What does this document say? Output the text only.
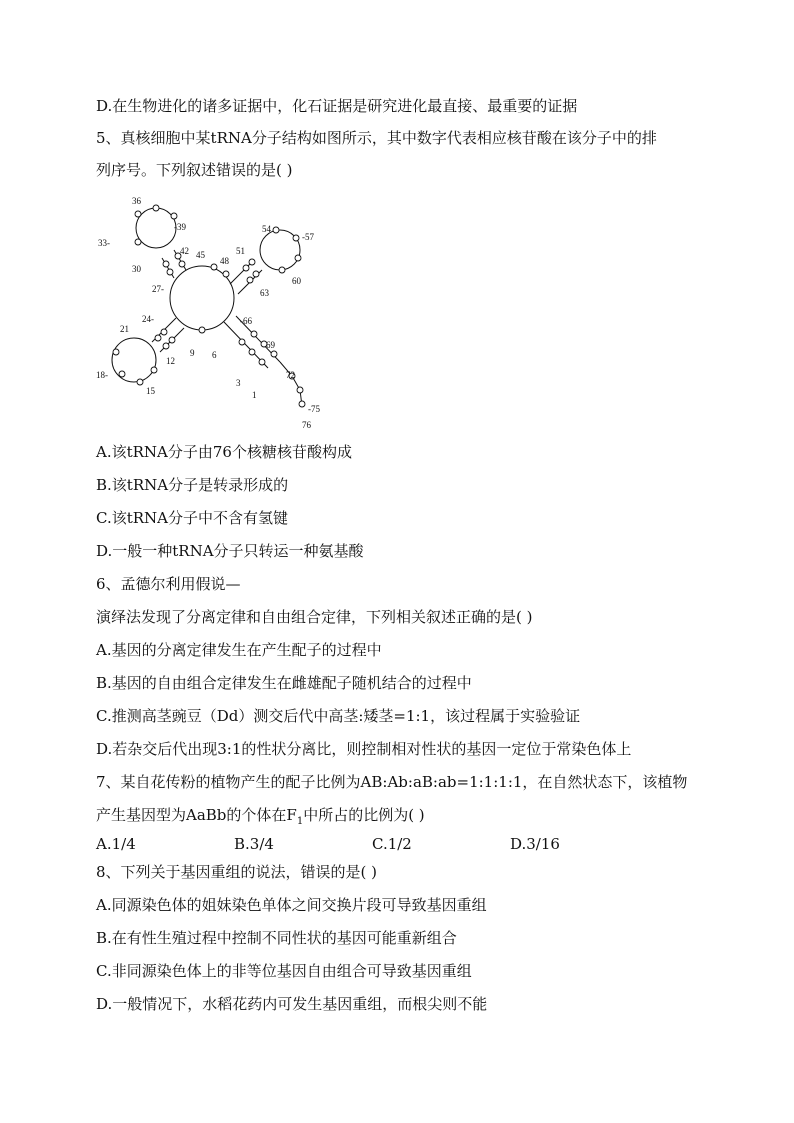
D.在生物进化的诸多证据中，化石证据是研究进化最直接、最重要的证据
5、真核细胞中某tRNA分子结构如图所示，其中数字代表相应核苷酸在该分子中的排
列序号。下列叙述错误的是( )
36
-39
33-
42 45
48
51
54
-57
60
63
30
27-
24-
21
18-
15
12
9 6
3
1
-66
69
72
-75
76
A.该tRNA分子由76个核糖核苷酸构成
B.该tRNA分子是转录形成的
C.该tRNA分子中不含有氢键
D.一般一种tRNA分子只转运一种氨基酸
6、孟德尔利用假说—
演绎法发现了分离定律和自由组合定律，下列相关叙述正确的是( )
A.基因的分离定律发生在产生配子的过程中
B.基因的自由组合定律发生在雌雄配子随机结合的过程中
C.推测高茎豌豆（Dd）测交后代中高茎:矮茎=1:1，该过程属于实验验证
D.若杂交后代出现3:1的性状分离比，则控制相对性状的基因一定位于常染色体上
7、某自花传粉的植物产生的配子比例为AB:Ab:aB:ab=1:1:1:1，在自然状态下，该植物
产生基因型为AaBb的个体在$F_1$中所占的比例为( )
A.1/4	B.3/4	C.1/2	D.3/16
8、下列关于基因重组的说法，错误的是( )
A.同源染色体的姐妹染色单体之间交换片段可导致基因重组
B.在有性生殖过程中控制不同性状的基因可能重新组合
C.非同源染色体上的非等位基因自由组合可导致基因重组
D.一般情况下，水稻花药内可发生基因重组，而根尖则不能
